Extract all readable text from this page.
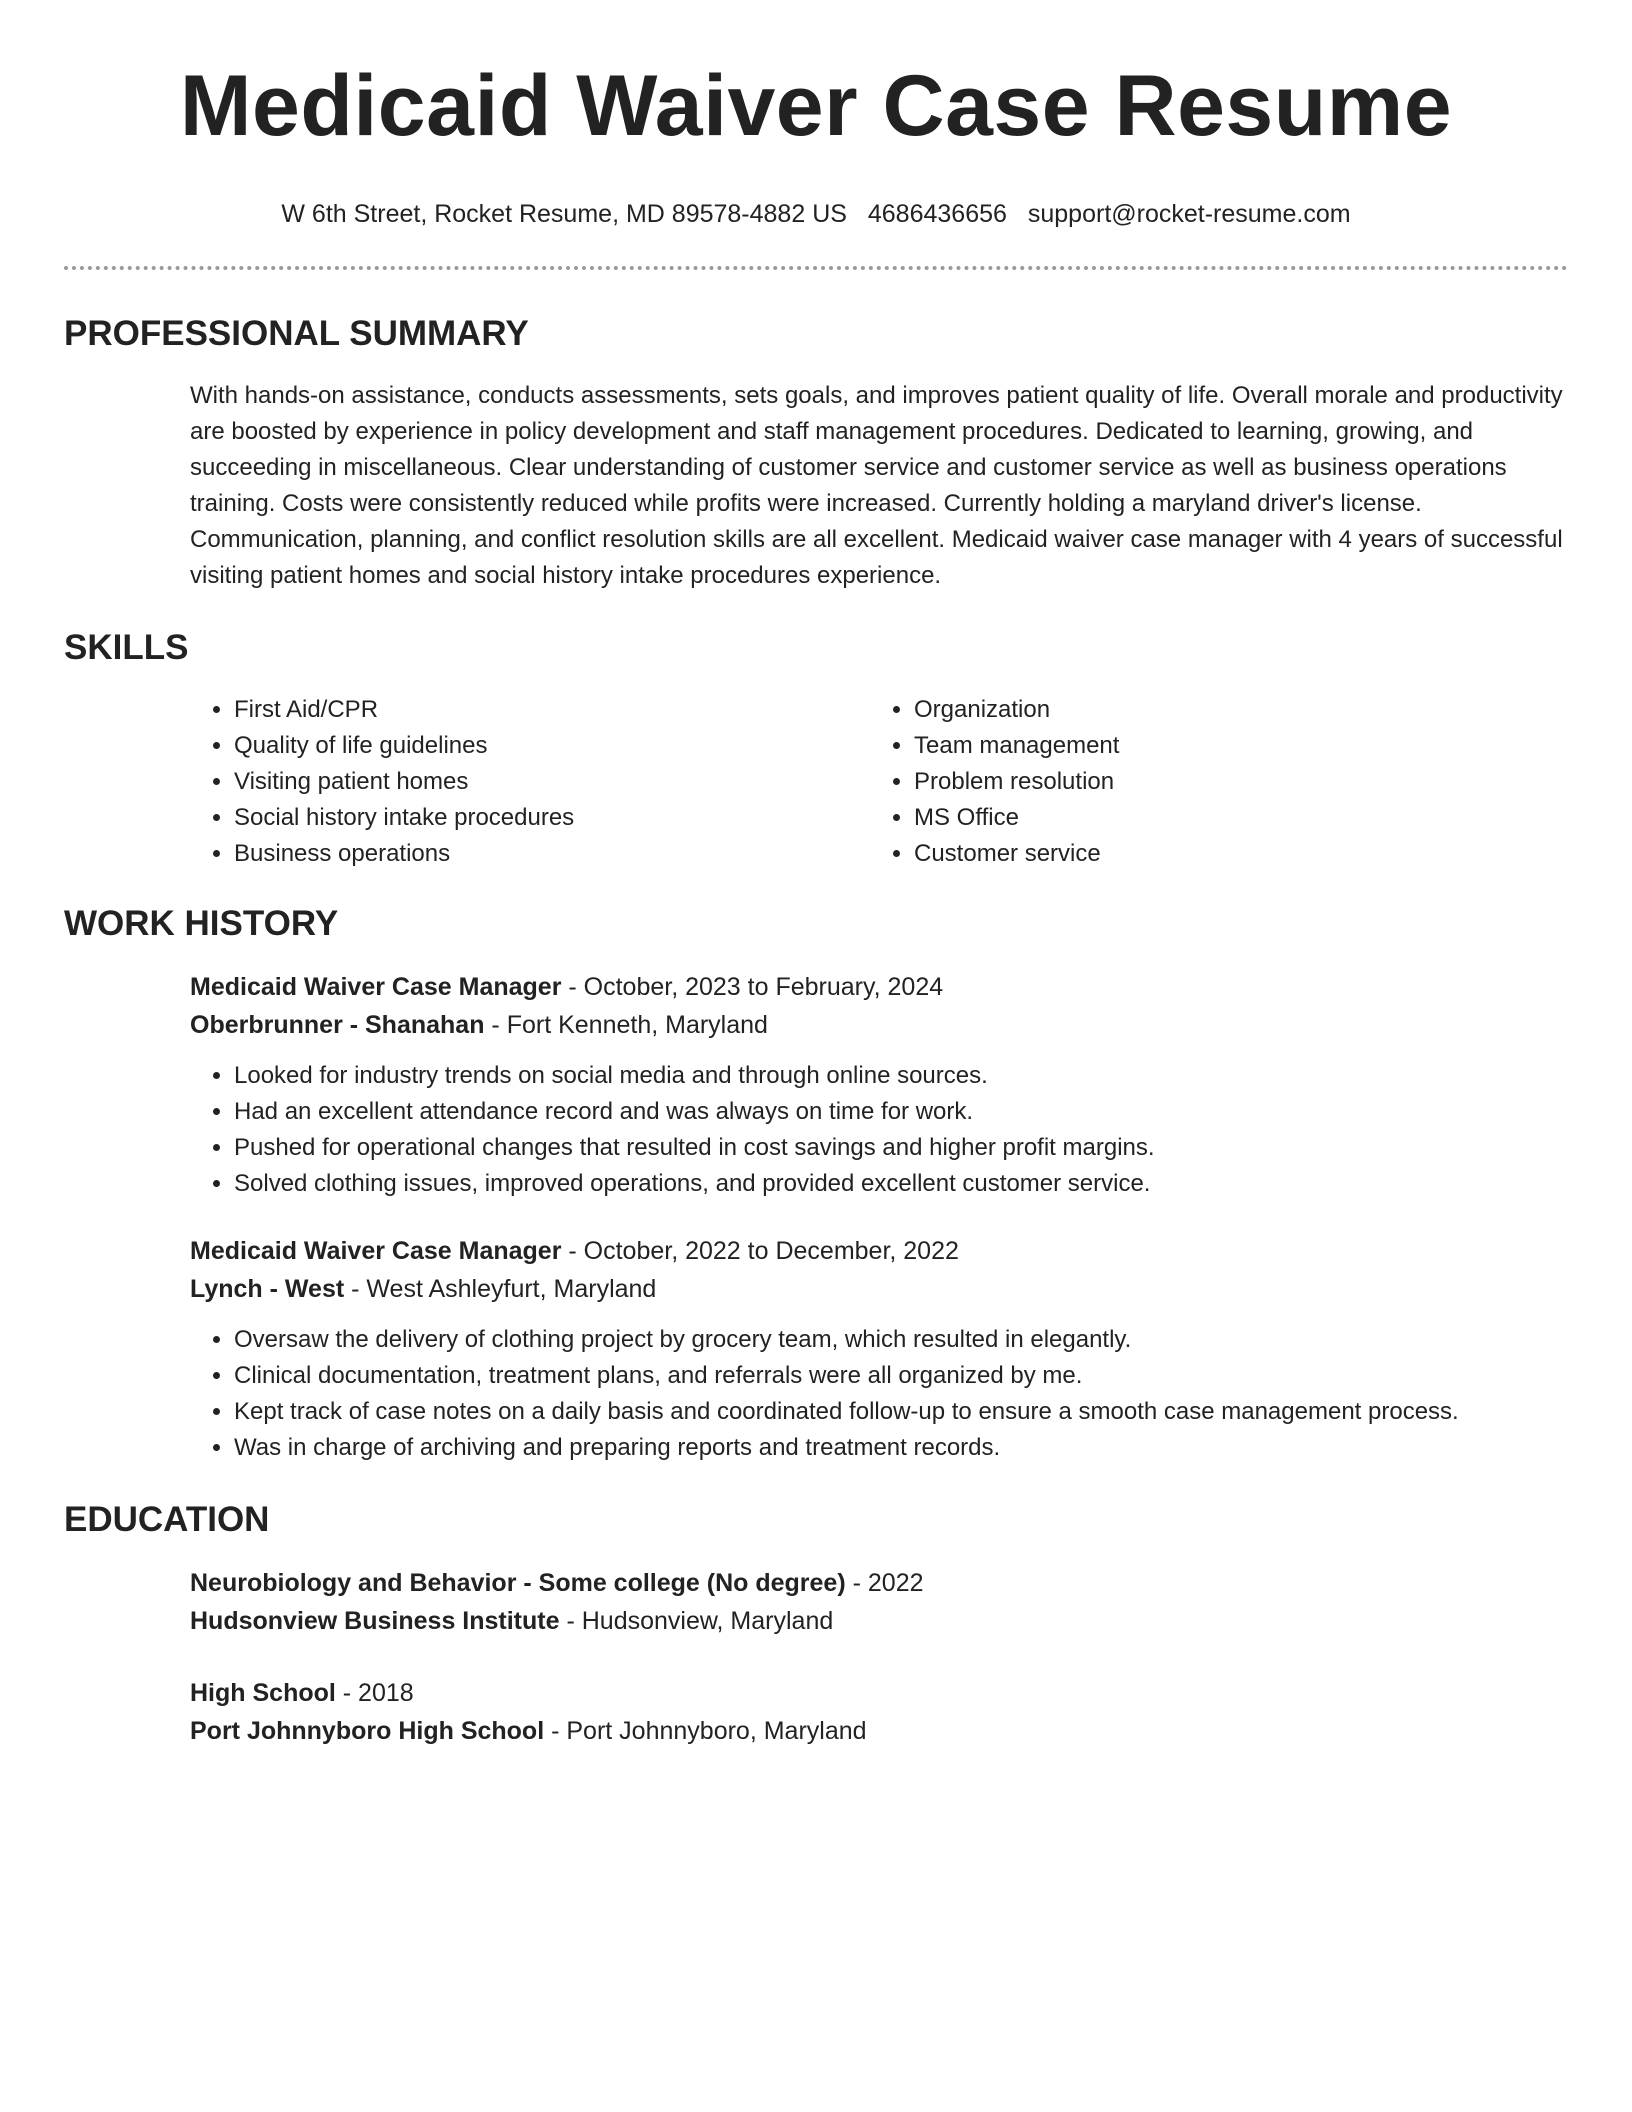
Medicaid Waiver Case Resume
W 6th Street, Rocket Resume, MD 89578-4882 US 4686436656 support@rocket-resume.com
PROFESSIONAL SUMMARY

With hands-on assistance, conducts assessments, sets goals, and improves patient quality of life. Overall morale and productivity are boosted by experience in policy development and staff management procedures. Dedicated to learning, growing, and succeeding in miscellaneous. Clear understanding of customer service and customer service as well as business operations training. Costs were consistently reduced while profits were increased. Currently holding a maryland driver's license. Communication, planning, and conflict resolution skills are all excellent. Medicaid waiver case manager with 4 years of successful visiting patient homes and social history intake procedures experience.

SKILLS
• First Aid/CPR
• Quality of life guidelines
• Visiting patient homes
• Social history intake procedures
• Business operations
• Organization
• Team management
• Problem resolution
• MS Office
• Customer service
WORK HISTORY
Medicaid Waiver Case Manager - October, 2023 to February, 2024
Oberbrunner - Shanahan - Fort Kenneth, Maryland
• Looked for industry trends on social media and through online sources.
• Had an excellent attendance record and was always on time for work.
• Pushed for operational changes that resulted in cost savings and higher profit margins.
• Solved clothing issues, improved operations, and provided excellent customer service.
Medicaid Waiver Case Manager - October, 2022 to December, 2022
Lynch - West - West Ashleyfurt, Maryland
• Oversaw the delivery of clothing project by grocery team, which resulted in elegantly.
• Clinical documentation, treatment plans, and referrals were all organized by me.
• Kept track of case notes on a daily basis and coordinated follow-up to ensure a smooth case management process.
• Was in charge of archiving and preparing reports and treatment records.
EDUCATION
Neurobiology and Behavior - Some college (No degree) - 2022
Hudsonview Business Institute - Hudsonview, Maryland
High School - 2018
Port Johnnyboro High School - Port Johnnyboro, Maryland
